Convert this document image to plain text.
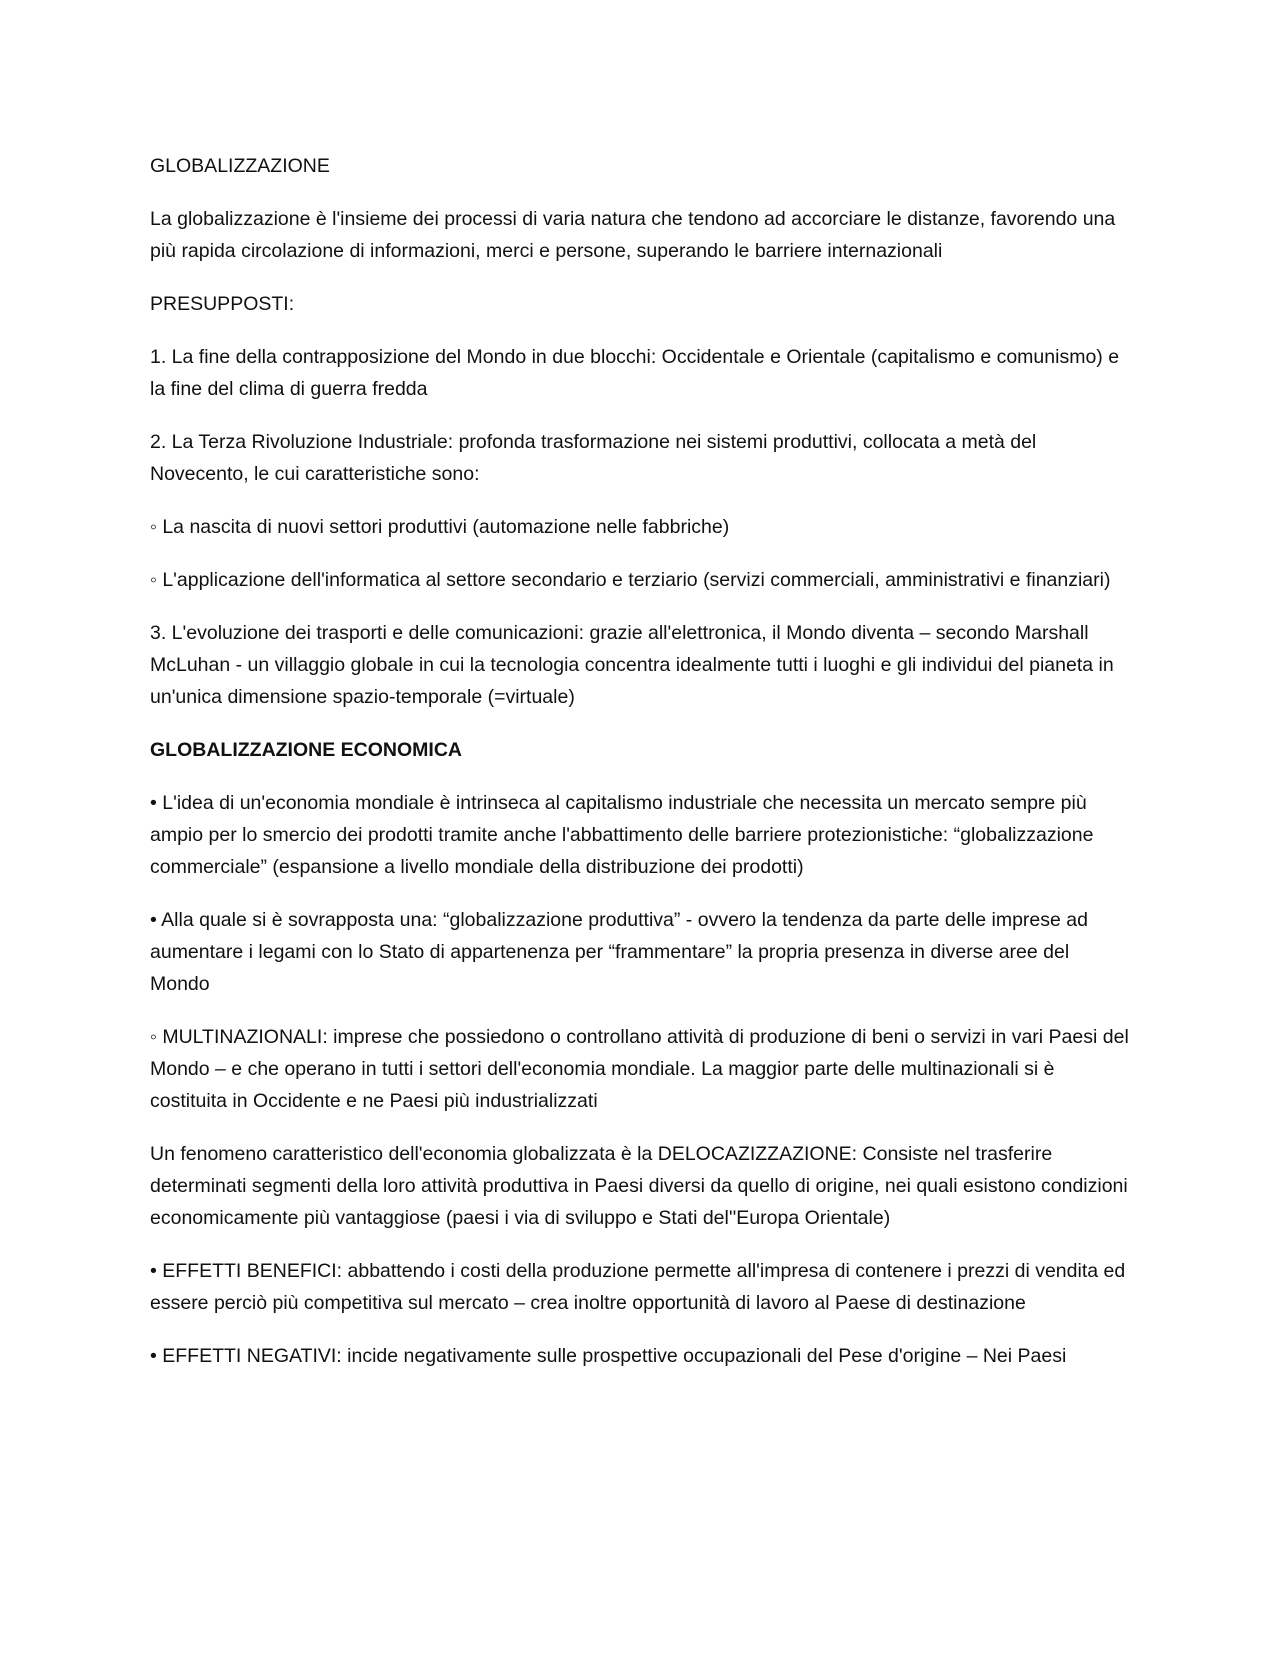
GLOBALIZZAZIONE

La globalizzazione è l'insieme dei processi di varia natura che tendono ad accorciare le distanze, favorendo una più rapida circolazione di informazioni, merci e persone, superando le barriere internazionali

PRESUPPOSTI:

1. La fine della contrapposizione del Mondo in due blocchi: Occidentale e Orientale (capitalismo e comunismo) e la fine del clima di guerra fredda

2. La Terza Rivoluzione Industriale: profonda trasformazione nei sistemi produttivi, collocata a metà del Novecento, le cui caratteristiche sono:

◦ La nascita di nuovi settori produttivi (automazione nelle fabbriche)

◦ L'applicazione dell'informatica al settore secondario e terziario (servizi commerciali, amministrativi e finanziari)

3. L'evoluzione dei trasporti e delle comunicazioni: grazie all'elettronica, il Mondo diventa – secondo Marshall McLuhan - un villaggio globale in cui la tecnologia concentra idealmente tutti i luoghi e gli individui del pianeta in un'unica dimensione spazio-temporale (=virtuale)

GLOBALIZZAZIONE ECONOMICA

• L'idea di un'economia mondiale è intrinseca al capitalismo industriale che necessita un mercato sempre più ampio per lo smercio dei prodotti tramite anche l'abbattimento delle barriere protezionistiche: “globalizzazione commerciale” (espansione a livello mondiale della distribuzione dei prodotti)

• Alla quale si è sovrapposta una: “globalizzazione produttiva” - ovvero la tendenza da parte delle imprese ad aumentare i legami con lo Stato di appartenenza per “frammentare” la propria presenza in diverse aree del Mondo

◦ MULTINAZIONALI: imprese che possiedono o controllano attività di produzione di beni o servizi in vari Paesi del Mondo – e che operano in tutti i settori dell'economia mondiale. La maggior parte delle multinazionali si è costituita in Occidente e ne Paesi più industrializzati

Un fenomeno caratteristico dell'economia globalizzata è la DELOCAZIZZAZIONE: Consiste nel trasferire determinati segmenti della loro attività produttiva in Paesi diversi da quello di origine, nei quali esistono condizioni economicamente più vantaggiose (paesi i via di sviluppo e Stati del''Europa Orientale)

• EFFETTI BENEFICI: abbattendo i costi della produzione permette all'impresa di contenere i prezzi di vendita ed essere perciò più competitiva sul mercato – crea inoltre opportunità di lavoro al Paese di destinazione

• EFFETTI NEGATIVI: incide negativamente sulle prospettive occupazionali del Pese d'origine – Nei Paesi
